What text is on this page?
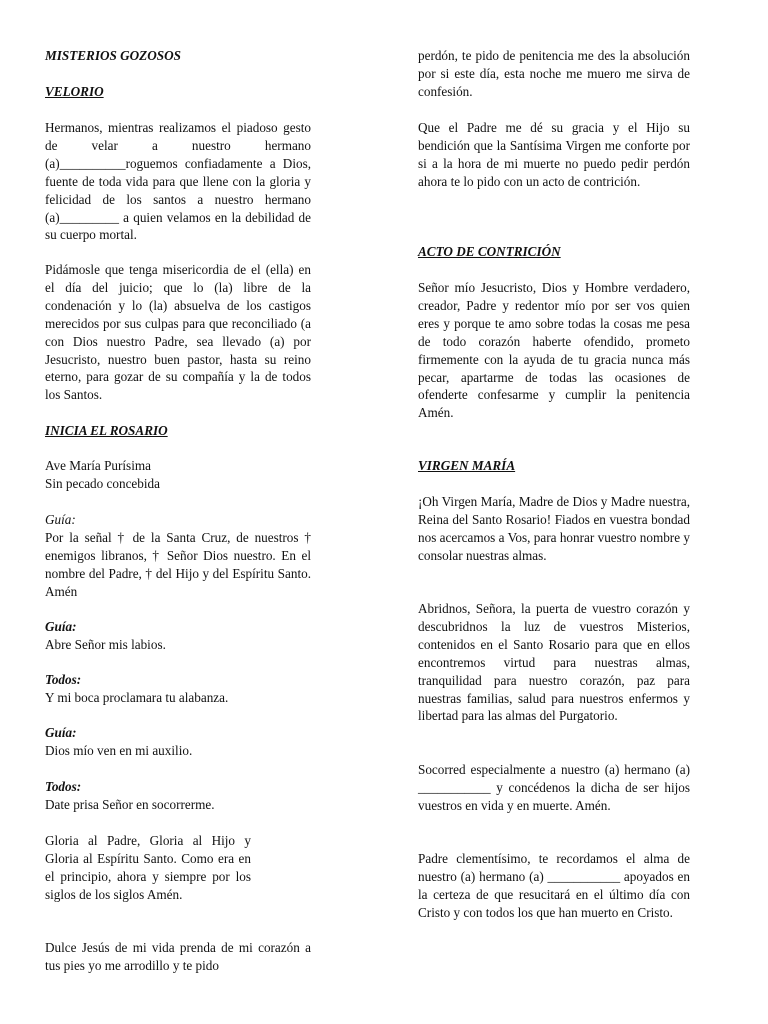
MISTERIOS GOZOSOS
VELORIO

Hermanos, mientras realizamos el piadoso gesto de velar a nuestro hermano (a)__________roguemos confiadamente a Dios, fuente de toda vida para que llene con la gloria y felicidad de los santos a nuestro hermano (a)_________ a quien velamos en la debilidad de su cuerpo mortal.

Pidámosle que tenga misericordia de el (ella) en el día del juicio; que lo (la) libre de la condenación y lo (la) absuelva de los castigos merecidos por sus culpas para que reconciliado (a con Dios nuestro Padre, sea llevado (a) por Jesucristo, nuestro buen pastor, hasta su reino eterno, para gozar de su compañía y la de todos los Santos.

INICIA EL ROSARIO
Ave María Purísima
Sin pecado concebida
Guía:

Por la señal † de la Santa Cruz, de nuestros † enemigos libranos, † Señor Dios nuestro. En el nombre del Padre, † del Hijo y del Espíritu Santo. Amén

Guía:
Abre Señor mis labios.
Todos:
Y mi boca proclamara tu alabanza.
Guía:
Dios mío ven en mi auxilio.
Todos:
Date prisa Señor en socorrerme.

Gloria al Padre, Gloria al Hijo y Gloria al Espíritu Santo. Como era en el principio, ahora y siempre por los siglos de los siglos Amén.

Dulce Jesús de mi vida prenda de mi corazón a tus pies yo me arrodillo y te pido

perdón, te pido de penitencia me des la absolución por si este día, esta noche me muero me sirva de confesión.

Que el Padre me dé su gracia y el Hijo su bendición que la Santísima Virgen me conforte por si a la hora de mi muerte no puedo pedir perdón ahora te lo pido con un acto de contrición.

ACTO DE CONTRICIÓN

Señor mío Jesucristo, Dios y Hombre verdadero, creador, Padre y redentor mío por ser vos quien eres y porque te amo sobre todas la cosas me pesa de todo corazón haberte ofendido, prometo firmemente con la ayuda de tu gracia nunca más pecar, apartarme de todas las ocasiones de ofenderte confesarme y cumplir la penitencia Amén.

VIRGEN MARÍA

¡Oh Virgen María, Madre de Dios y Madre nuestra, Reina del Santo Rosario! Fiados en vuestra bondad nos acercamos a Vos, para honrar vuestro nombre y consolar nuestras almas.

Abridnos, Señora, la puerta de vuestro corazón y descubridnos la luz de vuestros Misterios, contenidos en el Santo Rosario para que en ellos encontremos virtud para nuestras almas, tranquilidad para nuestro corazón, paz para nuestras familias, salud para nuestros enfermos y libertad para las almas del Purgatorio.

Socorred especialmente a nuestro (a) hermano (a) ___________ y concédenos la dicha de ser hijos vuestros en vida y en muerte. Amén.

Padre clementísimo, te recordamos el alma de nuestro (a) hermano (a) ___________ apoyados en la certeza de que resucitará en el último día con Cristo y con todos los que han muerto en Cristo.
